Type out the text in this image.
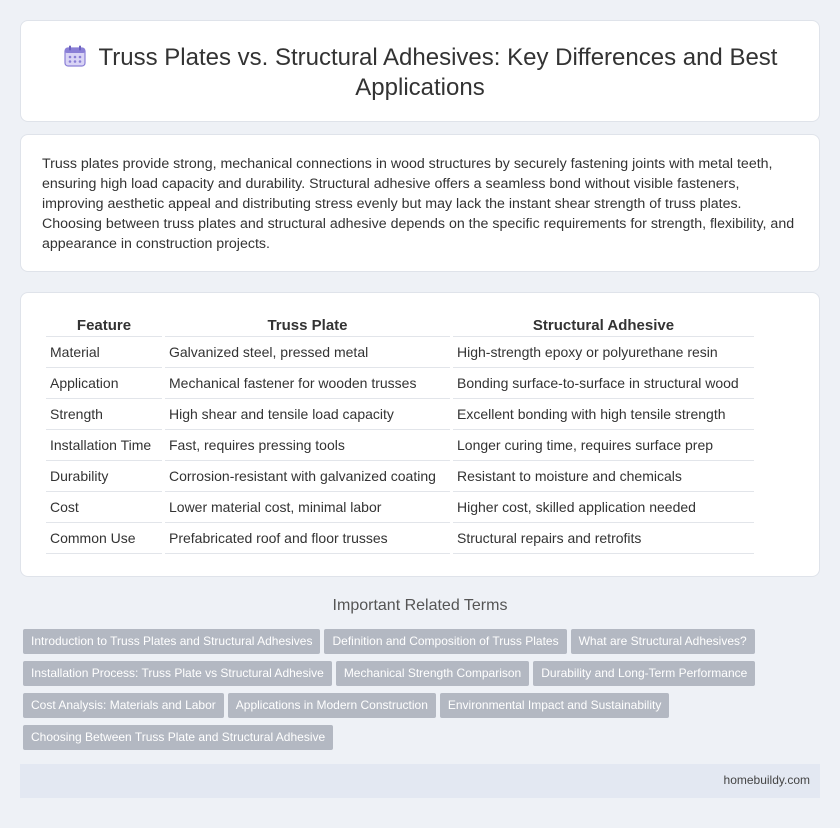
Truss Plates vs. Structural Adhesives: Key Differences and Best Applications

Truss plates provide strong, mechanical connections in wood structures by securely fastening joints with metal teeth, ensuring high load capacity and durability. Structural adhesive offers a seamless bond without visible fasteners, improving aesthetic appeal and distributing stress evenly but may lack the instant shear strength of truss plates. Choosing between truss plates and structural adhesive depends on the specific requirements for strength, flexibility, and appearance in construction projects.

Feature	Truss Plate	Structural Adhesive
Material	Galvanized steel, pressed metal	High-strength epoxy or polyurethane resin
Application	Mechanical fastener for wooden trusses	Bonding surface-to-surface in structural wood
Strength	High shear and tensile load capacity	Excellent bonding with high tensile strength
Installation Time	Fast, requires pressing tools	Longer curing time, requires surface prep
Durability	Corrosion-resistant with galvanized coating	Resistant to moisture and chemicals
Cost	Lower material cost, minimal labor	Higher cost, skilled application needed
Common Use	Prefabricated roof and floor trusses	Structural repairs and retrofits
Important Related Terms
Introduction to Truss Plates and Structural Adhesives Definition and Composition of Truss Plates What are Structural Adhesives?
Installation Process: Truss Plate vs Structural Adhesive Mechanical Strength Comparison Durability and Long-Term Performance
Cost Analysis: Materials and Labor Applications in Modern Construction Environmental Impact and Sustainability
Choosing Between Truss Plate and Structural Adhesive
homebuildy.com
